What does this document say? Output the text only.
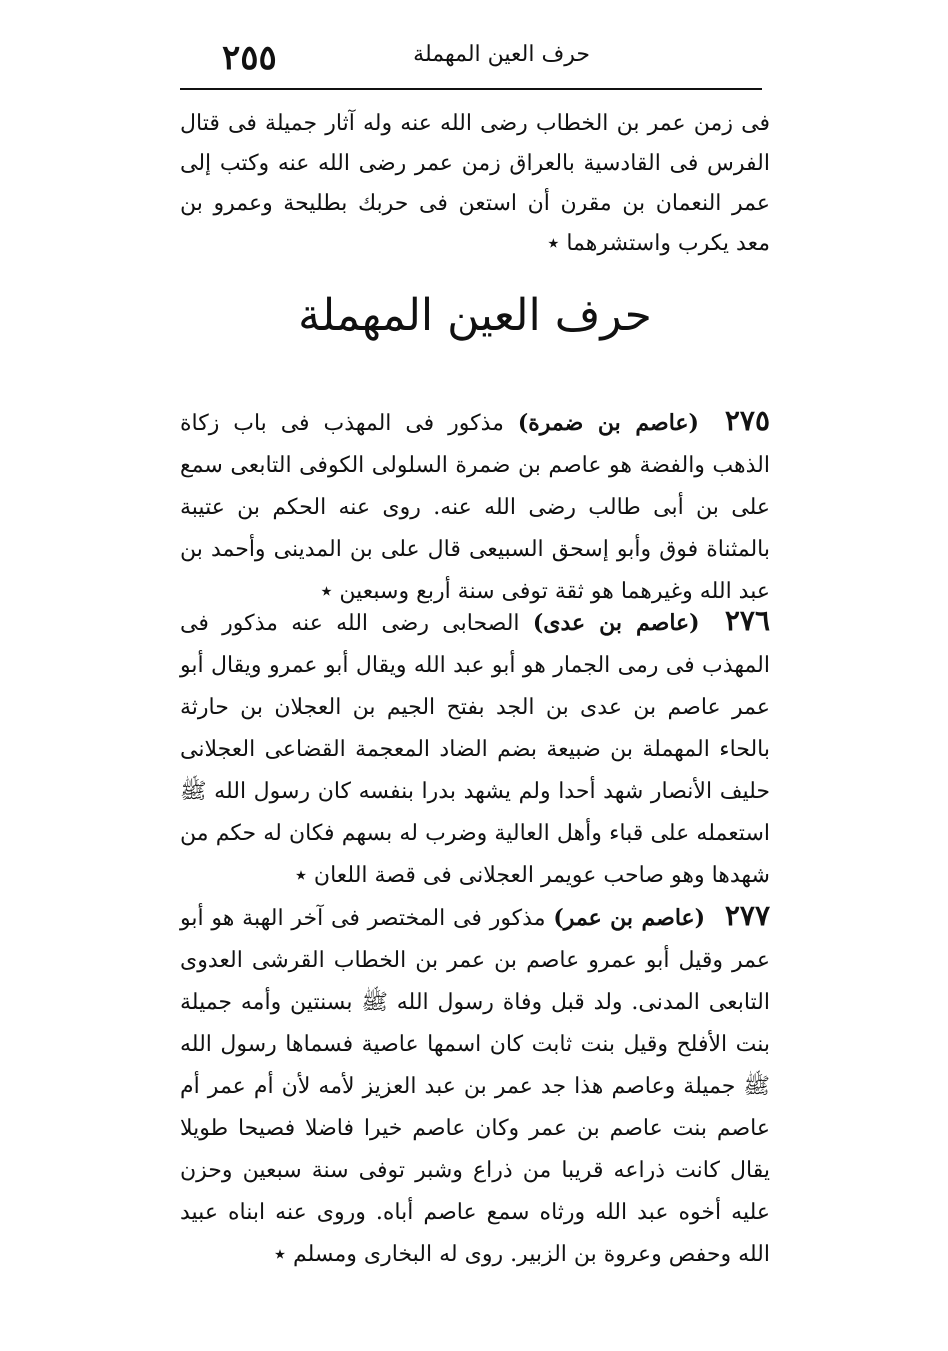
٢٥٥	حرف العين المهملة

فى زمن عمر بن الخطاب رضى الله عنه وله آثار جميلة فى قتال الفرس فى القادسية بالعراق زمن عمر رضى الله عنه وكتب إلى عمر النعمان بن مقرن أن استعن فى حربك بطليحة وعمرو بن معد يكرب واستشرهما ٭

حرف العين المهملة
٢٧٥ (عاصم بن ضمرة) مذكور فى المهذب فى باب زكاة الذهب والفضة هو عاصم بن ضمرة السلولى الكوفى التابعى سمع على بن أبى طالب رضى الله عنه. روى عنه الحكم بن عتيبة بالمثناة فوق وأبو إسحق السبيعى قال على بن المدينى وأحمد بن عبد الله وغيرهما هو ثقة توفى سنة أربع وسبعين ٭
٢٧٦ (عاصم بن عدى) الصحابى رضى الله عنه مذكور فى المهذب فى رمى الجمار هو أبو عبد الله ويقال أبو عمرو ويقال أبو عمر عاصم بن عدى بن الجد بفتح الجيم بن العجلان بن حارثة بالحاء المهملة بن ضبيعة بضم الضاد المعجمة القضاعى العجلانى حليف الأنصار شهد أحدا ولم يشهد بدرا بنفسه كان رسول الله ﷺ استعمله على قباء وأهل العالية وضرب له بسهم فكان له حكم من شهدها وهو صاحب عويمر العجلانى فى قصة اللعان ٭
٢٧٧ (عاصم بن عمر) مذكور فى المختصر فى آخر الهبة هو أبو عمر وقيل أبو عمرو عاصم بن عمر بن الخطاب القرشى العدوى التابعى المدنى. ولد قبل وفاة رسول الله ﷺ بسنتين وأمه جميلة بنت الأفلح وقيل بنت ثابت كان اسمها عاصية فسماها رسول الله ﷺ جميلة وعاصم هذا جد عمر بن عبد العزيز لأمه لأن أم عمر أم عاصم بنت عاصم بن عمر وكان عاصم خيرا فاضلا فصيحا طويلا يقال كانت ذراعه قريبا من ذراع وشبر توفى سنة سبعين وحزن عليه أخوه عبد الله ورثاه سمع عاصم أباه. وروى عنه ابناه عبيد الله وحفص وعروة بن الزبير. روى له البخارى ومسلم ٭
